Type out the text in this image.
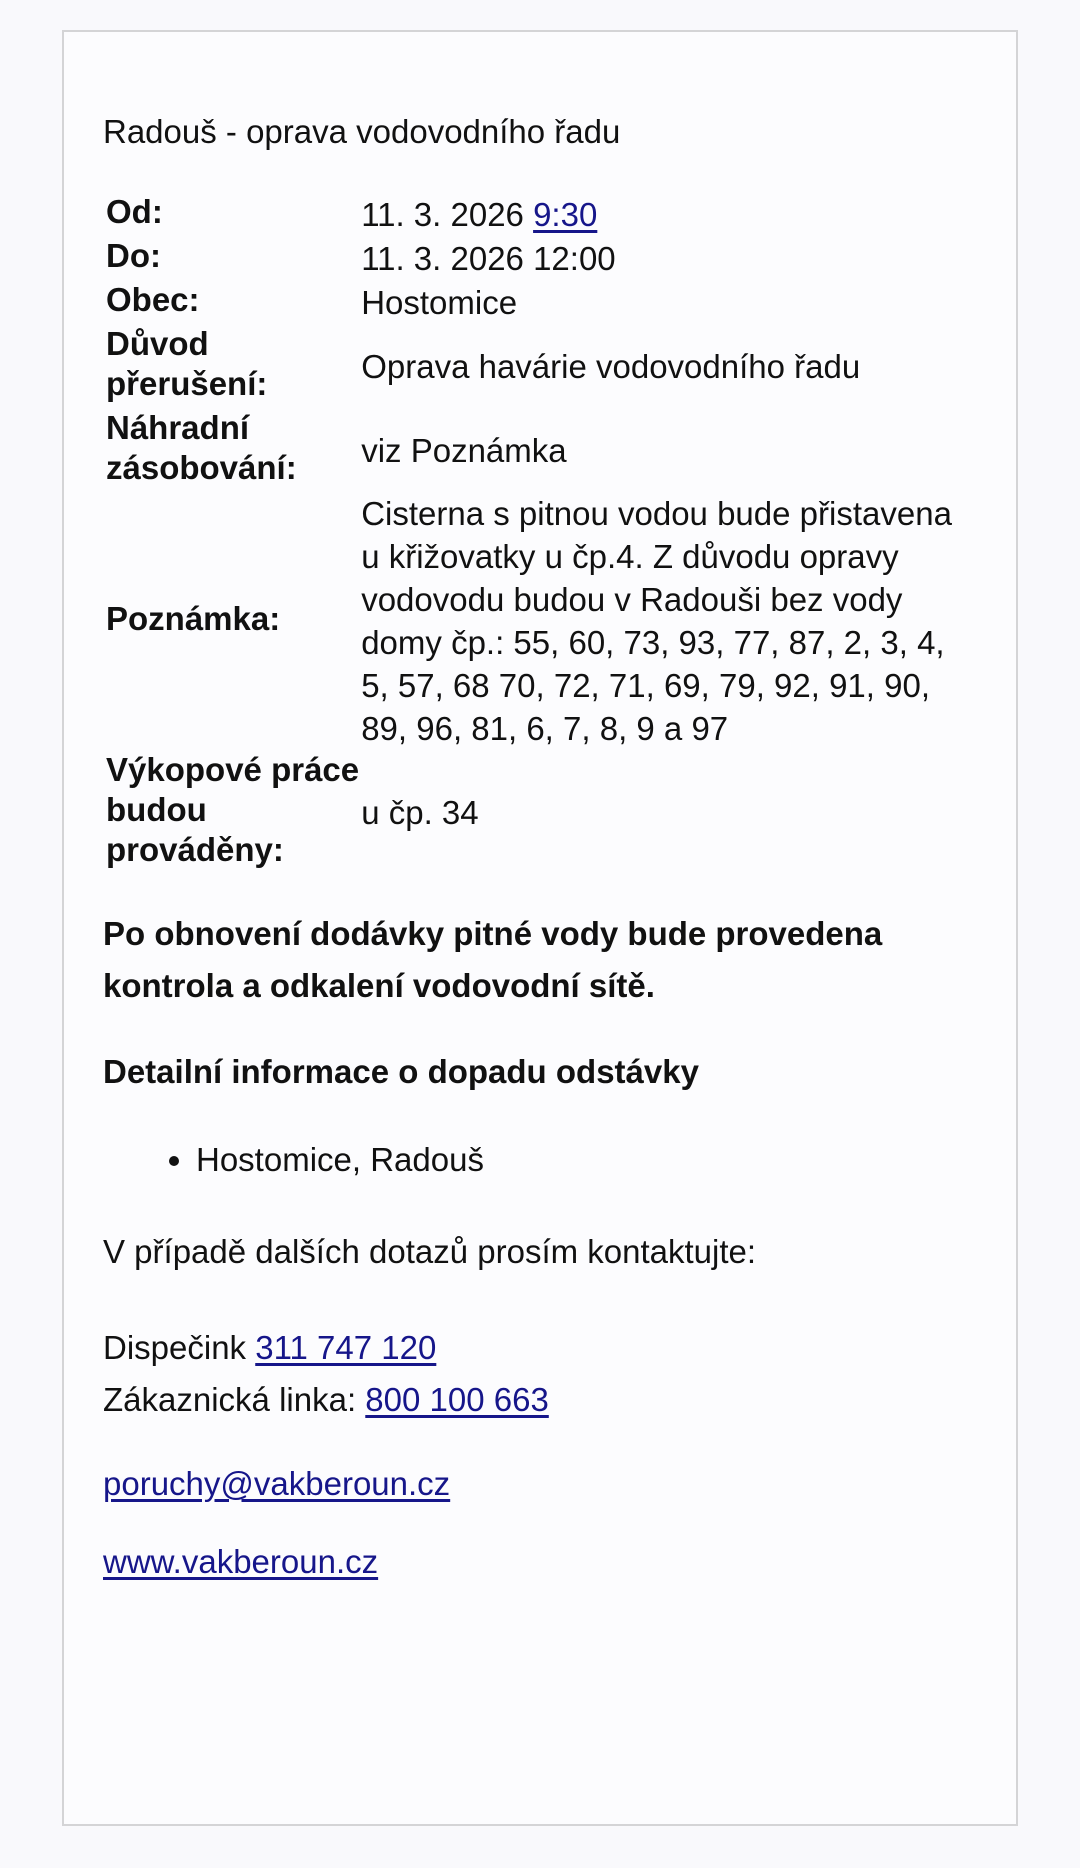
Radouš - oprava vodovodního řadu
Od:	11. 3. 2026 9:30
Do:	11. 3. 2026 12:00
Obec:	Hostomice
Důvod přerušení:	Oprava havárie vodovodního řadu
Náhradní zásobování:	viz Poznámka
Poznámka:	Cisterna s pitnou vodou bude přistavena u křižovatky u čp.4. Z důvodu opravy vodovodu budou v Radouši bez vody domy čp.: 55, 60, 73, 93, 77, 87, 2, 3, 4, 5, 57, 68 70, 72, 71, 69, 79, 92, 91, 90, 89, 96, 81, 6, 7, 8, 9 a 97
Výkopové práce budou prováděny:	u čp. 34

Po obnovení dodávky pitné vody bude provedena kontrola a odkalení vodovodní sítě.

Detailní informace o dopadu odstávky

• Hostomice, Radouš

V případě dalších dotazů prosím kontaktujte:

Dispečink 311 747 120
Zákaznická linka: 800 100 663
poruchy@vakberoun.cz
www.vakberoun.cz
